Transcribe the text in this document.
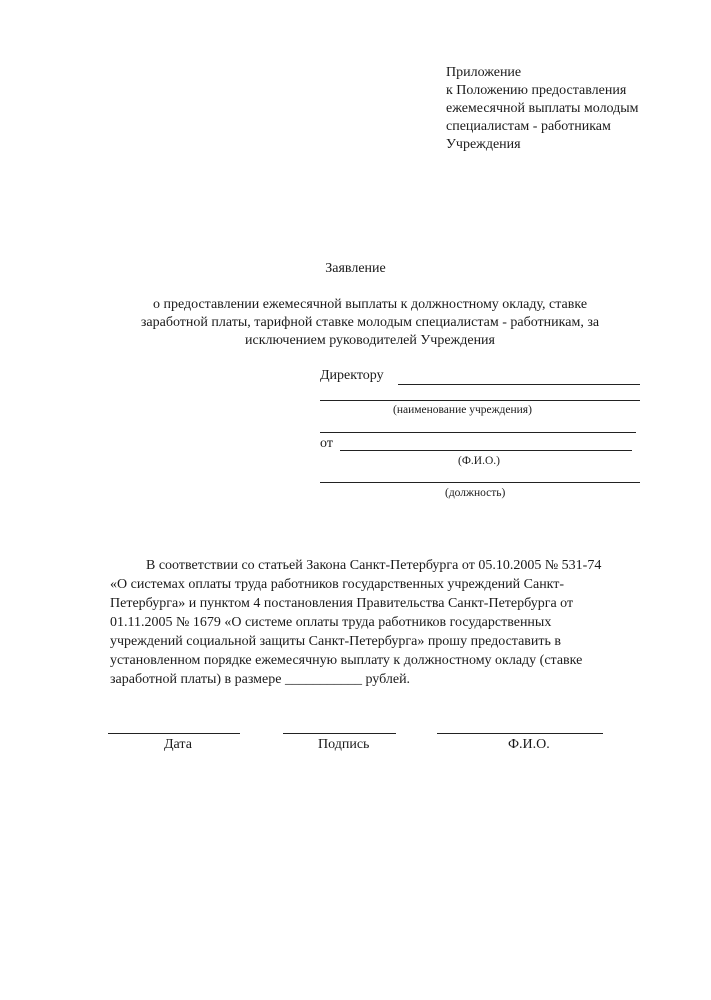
Приложение
к Положению предоставления
ежемесячной выплаты молодым
специалистам - работникам
Учреждения
Заявление
о предоставлении ежемесячной выплаты к должностному окладу, ставке
заработной платы, тарифной ставке молодым специалистам - работникам, за
исключением руководителей Учреждения
Директору
(наименование учреждения)
от
(Ф.И.О.)
(должность)
В соответствии со статьей Закона Санкт-Петербурга от 05.10.2005 № 531-74
«О системах оплаты труда работников государственных учреждений Санкт-
Петербурга» и пунктом 4 постановления Правительства Санкт-Петербурга от
01.11.2005 № 1679 «О системе оплаты труда работников государственных
учреждений социальной защиты Санкт-Петербурга» прошу предоставить в
установленном порядке ежемесячную выплату к должностному окладу (ставке
заработной платы) в размере ___________ рублей.
Дата	Подпись	Ф.И.О.
